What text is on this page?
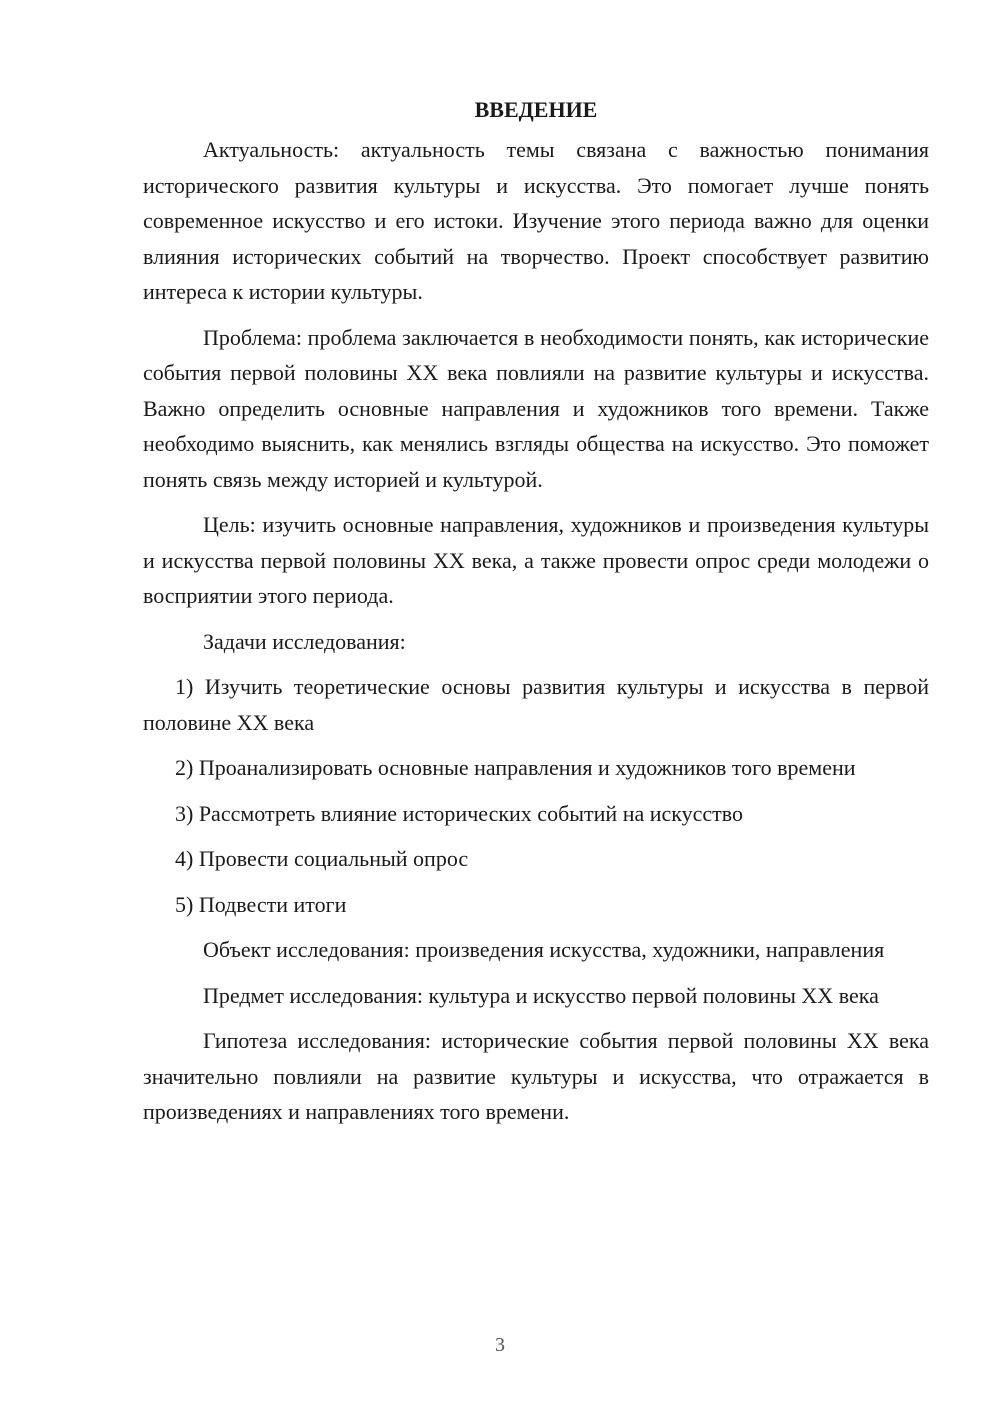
ВВЕДЕНИЕ

Актуальность: актуальность темы связана с важностью понимания исторического развития культуры и искусства. Это помогает лучше понять современное искусство и его истоки. Изучение этого периода важно для оценки влияния исторических событий на творчество. Проект способствует развитию интереса к истории культуры.

Проблема: проблема заключается в необходимости понять, как исторические события первой половины XX века повлияли на развитие культуры и искусства. Важно определить основные направления и художников того времени. Также необходимо выяснить, как менялись взгляды общества на искусство. Это поможет понять связь между историей и культурой.

Цель: изучить основные направления, художников и произведения культуры и искусства первой половины XX века, а также провести опрос среди молодежи о восприятии этого периода.

Задачи исследования:

1) Изучить теоретические основы развития культуры и искусства в первой половине XX века

2) Проанализировать основные направления и художников того времени

3) Рассмотреть влияние исторических событий на искусство

4) Провести социальный опрос

5) Подвести итоги

Объект исследования: произведения искусства, художники, направления

Предмет исследования: культура и искусство первой половины XX века

Гипотеза исследования: исторические события первой половины XX века значительно повлияли на развитие культуры и искусства, что отражается в произведениях и направлениях того времени.

3
